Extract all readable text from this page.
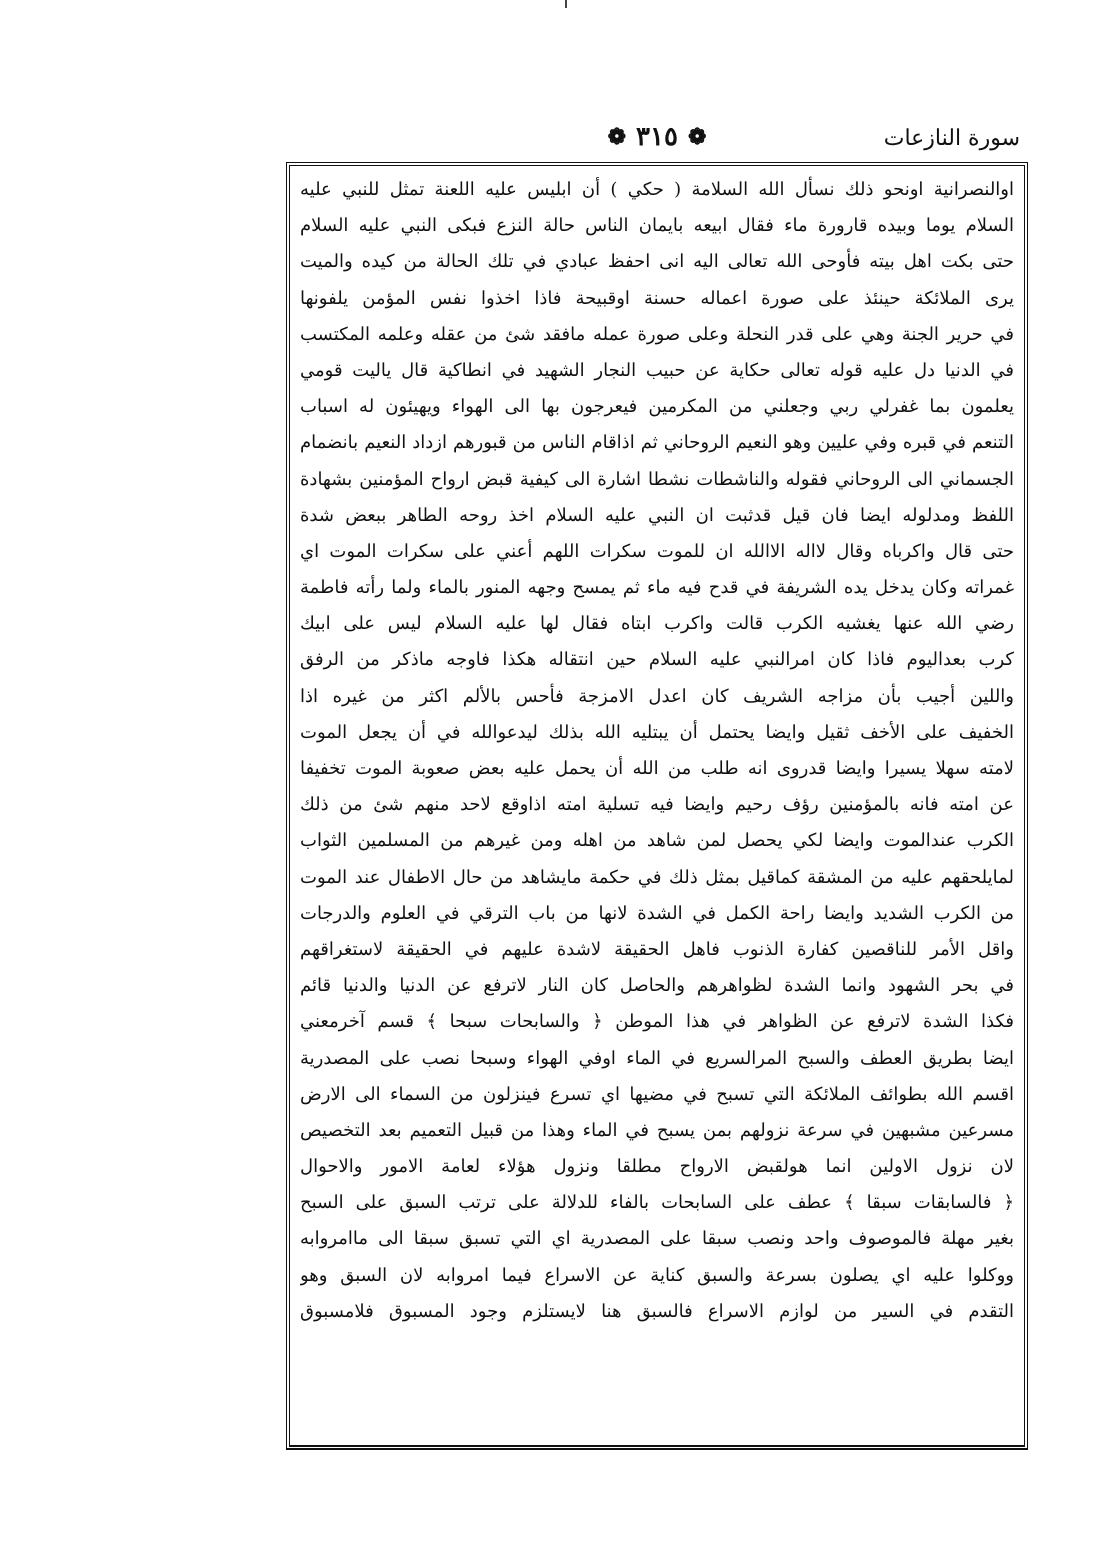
سورة النازعات
❁
٣١٥
❁
اوالنصرانية اونحو ذلك نسأل الله السلامة ( حكي ) أن ابليس عليه اللعنة تمثل للنبي عليه
السلام يوما وبيده قارورة ماء فقال ابيعه بايمان الناس حالة النزع فبكى النبي عليه السلام
حتى بكت اهل بيته فأوحى الله تعالى اليه انى احفظ عبادي في تلك الحالة من كيده والميت
يرى الملائكة حينئذ على صورة اعماله حسنة اوقبيحة فاذا اخذوا نفس المؤمن يلفونها
في حرير الجنة وهي على قدر النحلة وعلى صورة عمله مافقد شئ من عقله وعلمه المكتسب
في الدنيا دل عليه قوله تعالى حكاية عن حبيب النجار الشهيد في انطاكية قال ياليت قومي
يعلمون بما غفرلي ربي وجعلني من المكرمين فيعرجون بها الى الهواء ويهيئون له اسباب
التنعم في قبره وفي عليين وهو النعيم الروحاني ثم اذاقام الناس من قبورهم ازداد النعيم بانضمام
الجسماني الى الروحاني فقوله والناشطات نشطا اشارة الى كيفية قبض ارواح المؤمنين بشهادة
اللفظ ومدلوله ايضا فان قيل قدثبت ان النبي عليه السلام اخذ روحه الطاهر ببعض شدة
حتى قال واكرباه وقال لااله الاالله ان للموت سكرات اللهم أعني على سكرات الموت اي
غمراته وكان يدخل يده الشريفة في قدح فيه ماء ثم يمسح وجهه المنور بالماء ولما رأته فاطمة
رضي الله عنها يغشيه الكرب قالت واكرب ابتاه فقال لها عليه السلام ليس على ابيك
كرب بعداليوم فاذا كان امرالنبي عليه السلام حين انتقاله هكذا فاوجه ماذكر من الرفق
واللين أجيب بأن مزاجه الشريف كان اعدل الامزجة فأحس بالألم اكثر من غيره اذا
الخفيف على الأخف ثقيل وايضا يحتمل أن يبتليه الله بذلك ليدعوالله في أن يجعل الموت
لامته سهلا يسيرا وايضا قدروى انه طلب من الله أن يحمل عليه بعض صعوبة الموت تخفيفا
عن امته فانه بالمؤمنين رؤف رحيم وايضا فيه تسلية امته اذاوقع لاحد منهم شئ من ذلك
الكرب عندالموت وايضا لكي يحصل لمن شاهد من اهله ومن غيرهم من المسلمين الثواب
لمايلحقهم عليه من المشقة كماقيل بمثل ذلك في حكمة مايشاهد من حال الاطفال عند الموت
من الكرب الشديد وايضا راحة الكمل في الشدة لانها من باب الترقي في العلوم والدرجات
واقل الأمر للناقصين كفارة الذنوب فاهل الحقيقة لاشدة عليهم في الحقيقة لاستغراقهم
في بحر الشهود وانما الشدة لظواهرهم والحاصل كان النار لاترفع عن الدنيا والدنيا قائم
فكذا الشدة لاترفع عن الظواهر في هذا الموطن ﴿ والسابحات سبحا ﴾ قسم آخرمعني
ايضا بطريق العطف والسبح المرالسريع في الماء اوفي الهواء وسبحا نصب على المصدرية
اقسم الله بطوائف الملائكة التي تسبح في مضيها اي تسرع فينزلون من السماء الى الارض
مسرعين مشبهين في سرعة نزولهم بمن يسبح في الماء وهذا من قبيل التعميم بعد التخصيص
لان نزول الاولين انما هولقبض الارواح مطلقا ونزول هؤلاء لعامة الامور والاحوال
﴿ فالسابقات سبقا ﴾ عطف على السابحات بالفاء للدلالة على ترتب السبق على السبح
بغير مهلة فالموصوف واحد ونصب سبقا على المصدرية اي التي تسبق سبقا الى ماامروابه
ووكلوا عليه اي يصلون بسرعة والسبق كناية عن الاسراع فيما امروابه لان السبق وهو
التقدم في السير من لوازم الاسراع فالسبق هنا لايستلزم وجود المسبوق فلامسبوق
